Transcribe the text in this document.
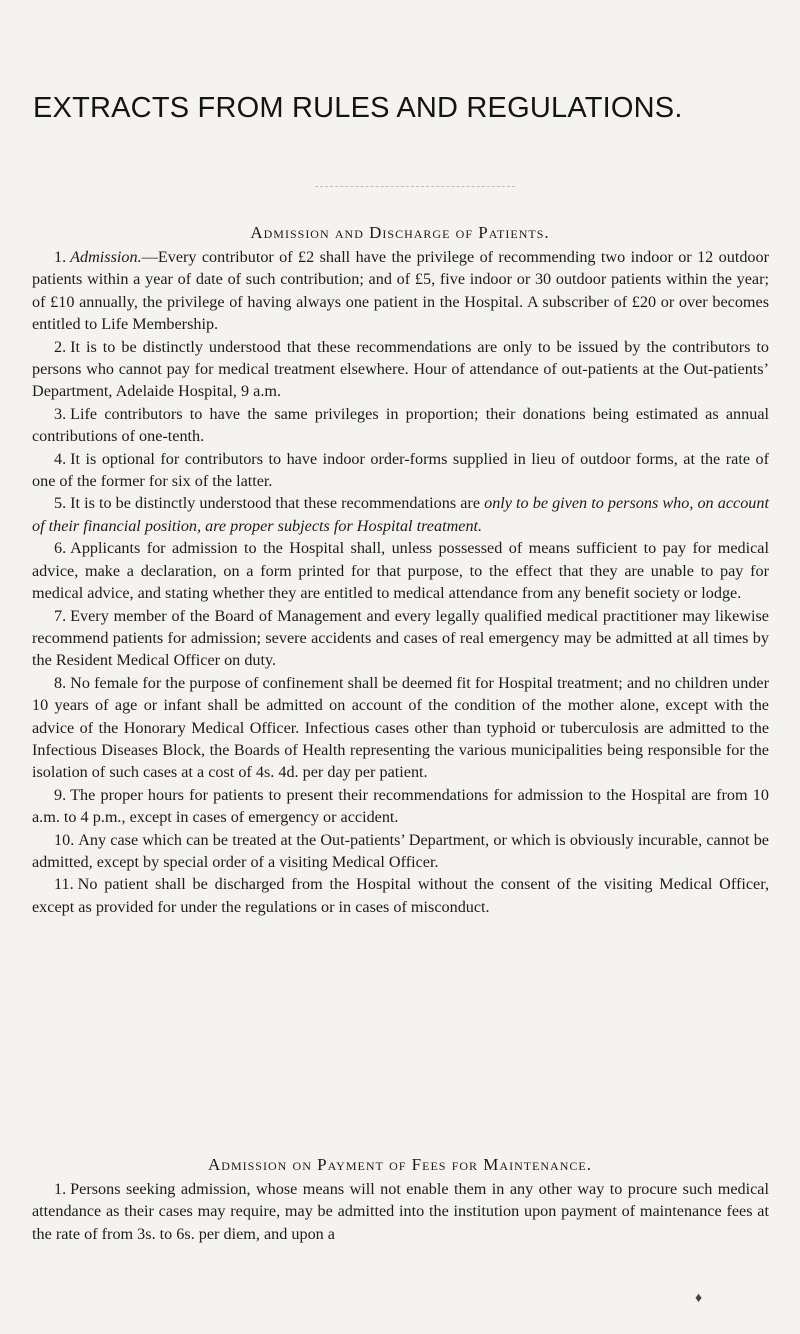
EXTRACTS FROM RULES AND REGULATIONS.
Admission and Discharge of Patients.

1. Admission.—Every contributor of £2 shall have the privilege of recommending two indoor or 12 outdoor patients within a year of date of such contribution; and of £5, five indoor or 30 outdoor patients within the year; of £10 annually, the privilege of having always one patient in the Hospital. A subscriber of £20 or over becomes entitled to Life Membership.

2. It is to be distinctly understood that these recommendations are only to be issued by the contributors to persons who cannot pay for medical treatment elsewhere. Hour of attendance of out-patients at the Out-patients’ Department, Adelaide Hospital, 9 a.m.

3. Life contributors to have the same privileges in proportion; their donations being estimated as annual contributions of one-tenth.

4. It is optional for contributors to have indoor order-forms supplied in lieu of outdoor forms, at the rate of one of the former for six of the latter.

5. It is to be distinctly understood that these recommendations are only to be given to persons who, on account of their financial position, are proper subjects for Hospital treatment.

6. Applicants for admission to the Hospital shall, unless possessed of means sufficient to pay for medical advice, make a declaration, on a form printed for that purpose, to the effect that they are unable to pay for medical advice, and stating whether they are entitled to medical attendance from any benefit society or lodge.

7. Every member of the Board of Management and every legally qualified medical practitioner may likewise recommend patients for admission; severe accidents and cases of real emergency may be admitted at all times by the Resident Medical Officer on duty.

8. No female for the purpose of confinement shall be deemed fit for Hospital treatment; and no children under 10 years of age or infant shall be admitted on account of the condition of the mother alone, except with the advice of the Honorary Medical Officer. Infectious cases other than typhoid or tuberculosis are admitted to the Infectious Diseases Block, the Boards of Health representing the various municipalities being responsible for the isolation of such cases at a cost of 4s. 4d. per day per patient.

9. The proper hours for patients to present their recommendations for admission to the Hospital are from 10 a.m. to 4 p.m., except in cases of emergency or accident.

10. Any case which can be treated at the Out-patients’ Department, or which is obviously incurable, cannot be admitted, except by special order of a visiting Medical Officer.

11. No patient shall be discharged from the Hospital without the consent of the visiting Medical Officer, except as provided for under the regulations or in cases of misconduct.

Admission on Payment of Fees for Maintenance.

1. Persons seeking admission, whose means will not enable them in any other way to procure such medical attendance as their cases may require, may be admitted into the institution upon payment of maintenance fees at the rate of from 3s. to 6s. per diem, and upon a

♦
